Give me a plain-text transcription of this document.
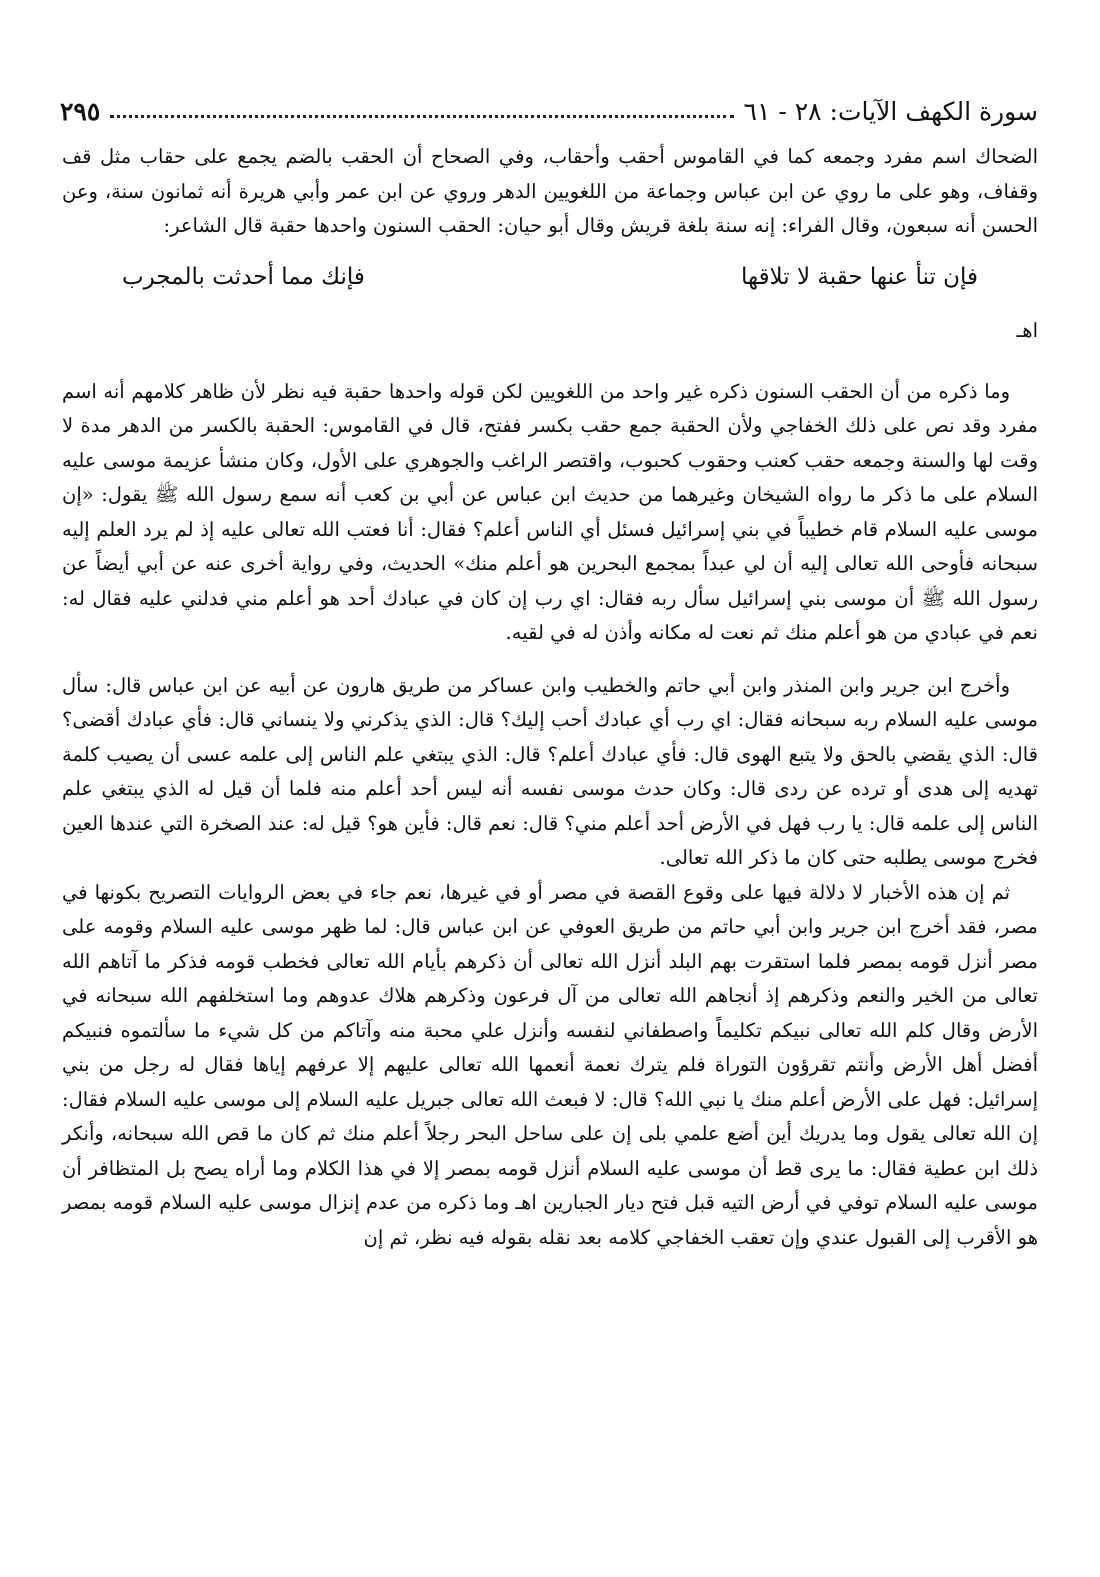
سورة الكهف الآيات: ٢٨ - ٦١
٢٩٥

الضحاك اسم مفرد وجمعه كما في القاموس أحقب وأحقاب، وفي الصحاح أن الحقب بالضم يجمع على حقاب مثل قف وقفاف، وهو على ما روي عن ابن عباس وجماعة من اللغويين الدهر وروي عن ابن عمر وأبي هريرة أنه ثمانون سنة، وعن الحسن أنه سبعون، وقال الفراء: إنه سنة بلغة قريش وقال أبو حيان: الحقب السنون واحدها حقبة قال الشاعر:

فإن تنأ عنها حقبة لا تلاقها
فإنك مما أحدثت بالمجرب
اهـ

وما ذكره من أن الحقب السنون ذكره غير واحد من اللغويين لكن قوله واحدها حقبة فيه نظر لأن ظاهر كلامهم أنه اسم مفرد وقد نص على ذلك الخفاجي ولأن الحقبة جمع حقب بكسر ففتح، قال في القاموس: الحقبة بالكسر من الدهر مدة لا وقت لها والسنة وجمعه حقب كعنب وحقوب كحبوب، واقتصر الراغب والجوهري على الأول، وكان منشأ عزيمة موسى عليه السلام على ما ذكر ما رواه الشيخان وغيرهما من حديث ابن عباس عن أبي بن كعب أنه سمع رسول الله ﷺ يقول: «إن موسى عليه السلام قام خطيباً في بني إسرائيل فسئل أي الناس أعلم؟ فقال: أنا فعتب الله تعالى عليه إذ لم يرد العلم إليه سبحانه فأوحى الله تعالى إليه أن لي عبداً بمجمع البحرين هو أعلم منك» الحديث، وفي رواية أخرى عنه عن أبي أيضاً عن رسول الله ﷺ أن موسى بني إسرائيل سأل ربه فقال: اي رب إن كان في عبادك أحد هو أعلم مني فدلني عليه فقال له: نعم في عبادي من هو أعلم منك ثم نعت له مكانه وأذن له في لقيه.

وأخرج ابن جرير وابن المنذر وابن أبي حاتم والخطيب وابن عساكر من طريق هارون عن أبيه عن ابن عباس قال: سأل موسى عليه السلام ربه سبحانه فقال: اي رب أي عبادك أحب إليك؟ قال: الذي يذكرني ولا ينساني قال: فأي عبادك أقضى؟ قال: الذي يقضي بالحق ولا يتبع الهوى قال: فأي عبادك أعلم؟ قال: الذي يبتغي علم الناس إلى علمه عسى أن يصيب كلمة تهديه إلى هدى أو ترده عن ردى قال: وكان حدث موسى نفسه أنه ليس أحد أعلم منه فلما أن قيل له الذي يبتغي علم الناس إلى علمه قال: يا رب فهل في الأرض أحد أعلم مني؟ قال: نعم قال: فأين هو؟ قيل له: عند الصخرة التي عندها العين فخرج موسى يطلبه حتى كان ما ذكر الله تعالى.

ثم إن هذه الأخبار لا دلالة فيها على وقوع القصة في مصر أو في غيرها، نعم جاء في بعض الروايات التصريح بكونها في مصر، فقد أخرج ابن جرير وابن أبي حاتم من طريق العوفي عن ابن عباس قال: لما ظهر موسى عليه السلام وقومه على مصر أنزل قومه بمصر فلما استقرت بهم البلد أنزل الله تعالى أن ذكرهم بأيام الله تعالى فخطب قومه فذكر ما آتاهم الله تعالى من الخير والنعم وذكرهم إذ أنجاهم الله تعالى من آل فرعون وذكرهم هلاك عدوهم وما استخلفهم الله سبحانه في الأرض وقال كلم الله تعالى نبيكم تكليماً واصطفاني لنفسه وأنزل علي محبة منه وآتاكم من كل شيء ما سألتموه فنبيكم أفضل أهل الأرض وأنتم تقرؤون التوراة فلم يترك نعمة أنعمها الله تعالى عليهم إلا عرفهم إياها فقال له رجل من بني إسرائيل: فهل على الأرض أعلم منك يا نبي الله؟ قال: لا فبعث الله تعالى جبريل عليه السلام إلى موسى عليه السلام فقال: إن الله تعالى يقول وما يدريك أين أضع علمي بلى إن على ساحل البحر رجلاً أعلم منك ثم كان ما قص الله سبحانه، وأنكر ذلك ابن عطية فقال: ما يرى قط أن موسى عليه السلام أنزل قومه بمصر إلا في هذا الكلام وما أراه يصح بل المتظافر أن موسى عليه السلام توفي في أرض التيه قبل فتح ديار الجبارين اهـ وما ذكره من عدم إنزال موسى عليه السلام قومه بمصر هو الأقرب إلى القبول عندي وإن تعقب الخفاجي كلامه بعد نقله بقوله فيه نظر، ثم إن
